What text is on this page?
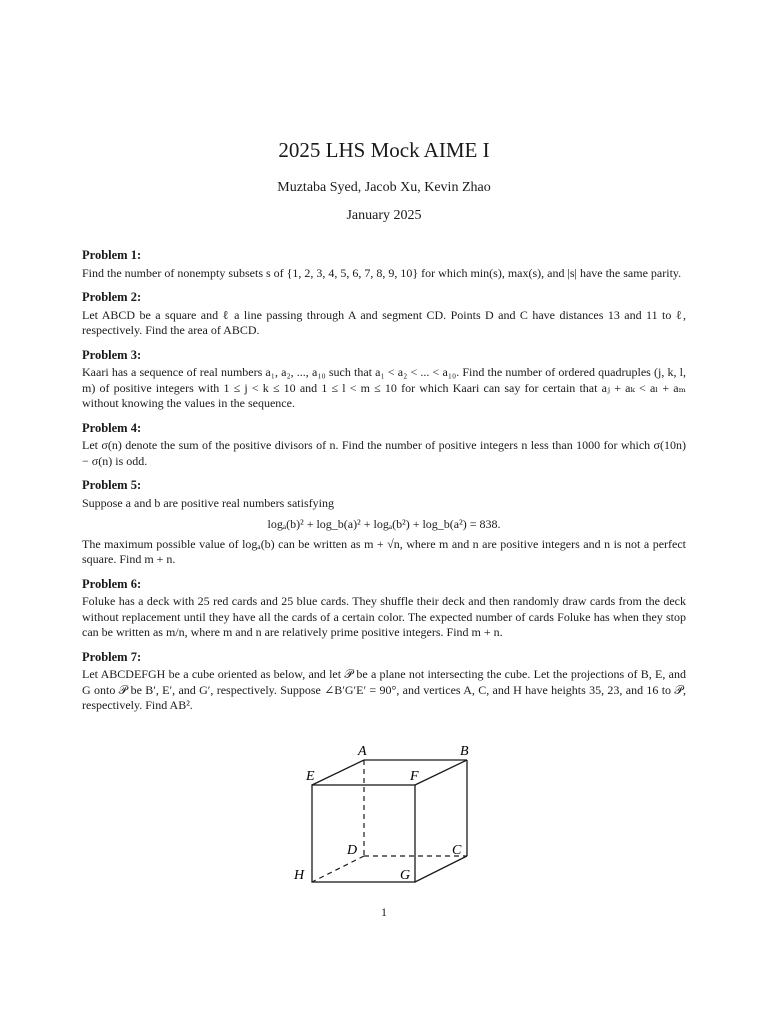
2025 LHS Mock AIME I
Muztaba Syed, Jacob Xu, Kevin Zhao
January 2025
Problem 1:
Find the number of nonempty subsets s of {1, 2, 3, 4, 5, 6, 7, 8, 9, 10} for which min(s), max(s), and |s| have the same parity.
Problem 2:
Let ABCD be a square and ℓ a line passing through A and segment CD. Points D and C have distances 13 and 11 to ℓ, respectively. Find the area of ABCD.
Problem 3:
Kaari has a sequence of real numbers a₁, a₂, ..., a₁₀ such that a₁ < a₂ < ... < a₁₀. Find the number of ordered quadruples (j, k, l, m) of positive integers with 1 ≤ j < k ≤ 10 and 1 ≤ l < m ≤ 10 for which Kaari can say for certain that aⱼ + aₖ < aₗ + aₘ without knowing the values in the sequence.
Problem 4:
Let σ(n) denote the sum of the positive divisors of n. Find the number of positive integers n less than 1000 for which σ(10n) − σ(n) is odd.
Problem 5:
Suppose a and b are positive real numbers satisfying
logₐ(b)² + log_b(a)² + logₐ(b²) + log_b(a²) = 838.
The maximum possible value of logₐ(b) can be written as m + √n, where m and n are positive integers and n is not a perfect square. Find m + n.
Problem 6:
Foluke has a deck with 25 red cards and 25 blue cards. They shuffle their deck and then randomly draw cards from the deck without replacement until they have all the cards of a certain color. The expected number of cards Foluke has when they stop can be written as m/n, where m and n are relatively prime positive integers. Find m + n.
Problem 7:
Let ABCDEFGH be a cube oriented as below, and let 𝒫 be a plane not intersecting the cube. Let the projections of B, E, and G onto 𝒫 be B′, E′, and G′, respectively. Suppose ∠B′G′E′ = 90°, and vertices A, C, and H have heights 35, 23, and 16 to 𝒫, respectively. Find AB².
A	B
E	F
D	C
H	G
1
